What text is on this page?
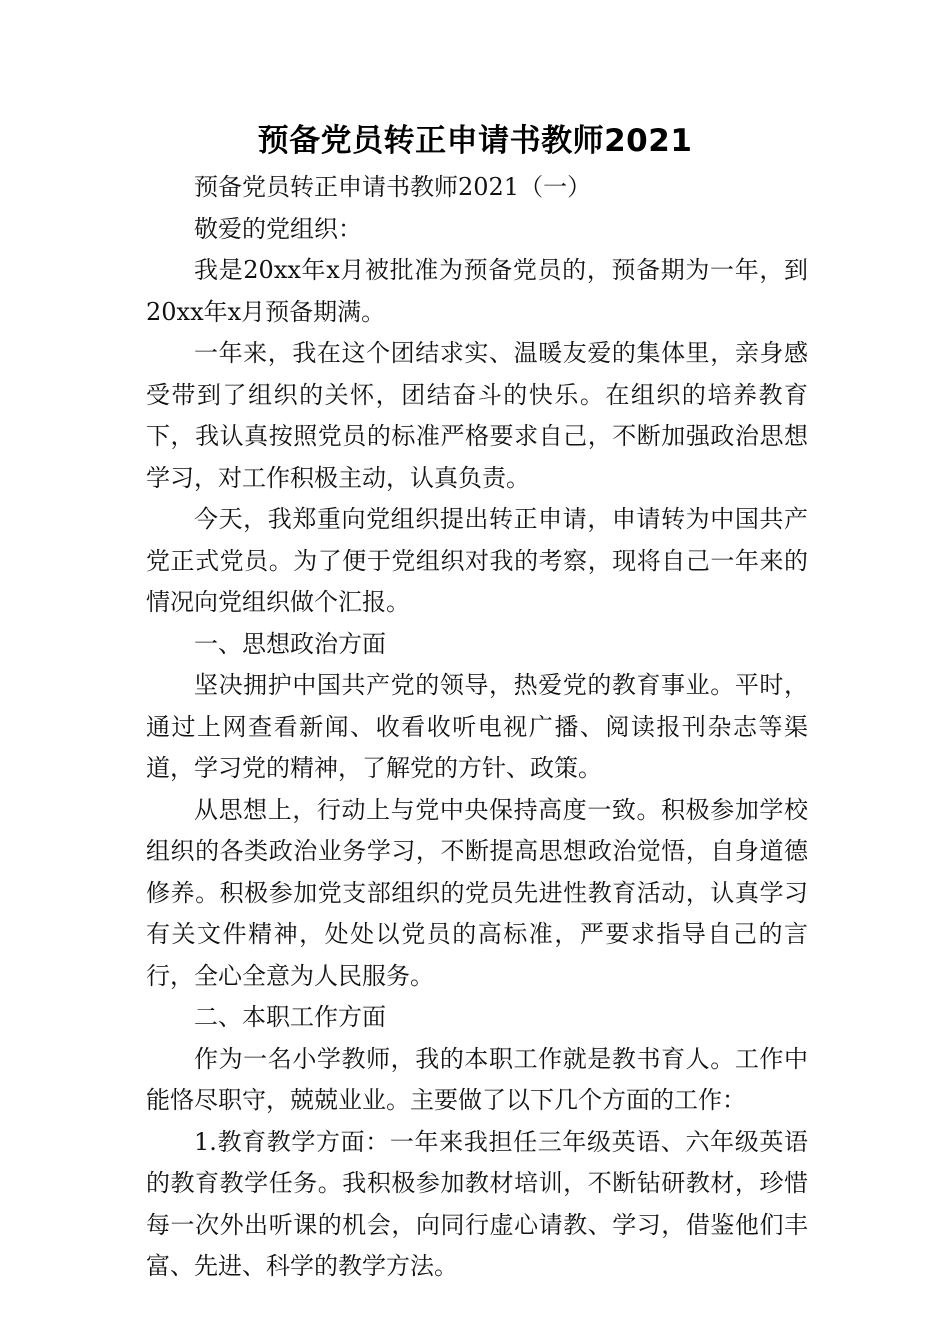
预备党员转正申请书教师2021

预备党员转正申请书教师2021（一）

敬爱的党组织：

我是20xx年x月被批准为预备党员的，预备期为一年，到20xx年x月预备期满。

一年来，我在这个团结求实、温暖友爱的集体里，亲身感受带到了组织的关怀，团结奋斗的快乐。在组织的培养教育下，我认真按照党员的标准严格要求自己，不断加强政治思想学习，对工作积极主动，认真负责。

今天，我郑重向党组织提出转正申请，申请转为中国共产党正式党员。为了便于党组织对我的考察，现将自己一年来的情况向党组织做个汇报。

一、思想政治方面

坚决拥护中国共产党的领导，热爱党的教育事业。平时，通过上网查看新闻、收看收听电视广播、阅读报刊杂志等渠道，学习党的精神，了解党的方针、政策。

从思想上，行动上与党中央保持高度一致。积极参加学校组织的各类政治业务学习，不断提高思想政治觉悟，自身道德修养。积极参加党支部组织的党员先进性教育活动，认真学习有关文件精神，处处以党员的高标准，严要求指导自己的言行，全心全意为人民服务。

二、本职工作方面

作为一名小学教师，我的本职工作就是教书育人。工作中能恪尽职守，兢兢业业。主要做了以下几个方面的工作：

1.教育教学方面：一年来我担任三年级英语、六年级英语的教育教学任务。我积极参加教材培训，不断钻研教材，珍惜每一次外出听课的机会，向同行虚心请教、学习，借鉴他们丰富、先进、科学的教学方法。
